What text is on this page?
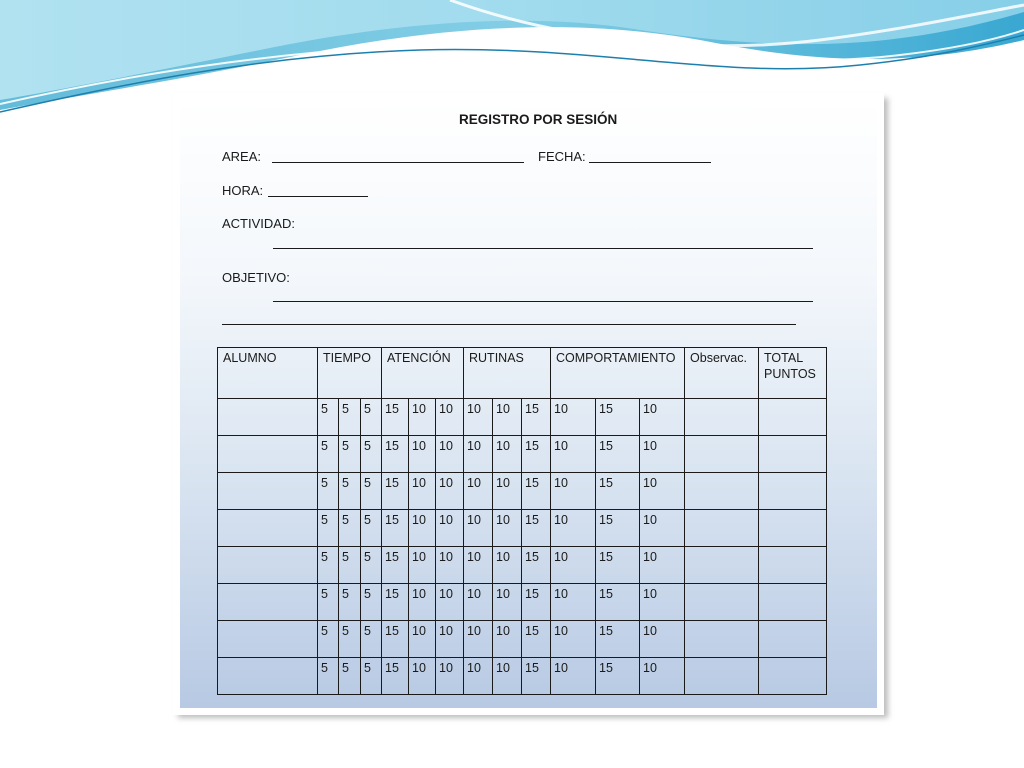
REGISTRO POR SESIÓN
AREA:	FECHA:
HORA:
ACTIVIDAD:
OBJETIVO:
ALUMNO	TIEMPO			ATENCIÓN			RUTINAS			COMPORTAMIENTO			Observac.	TOTAL PUNTOS
	5	5	5	15	10	10	10	10	15	10	15	10		
	5	5	5	15	10	10	10	10	15	10	15	10		
	5	5	5	15	10	10	10	10	15	10	15	10		
	5	5	5	15	10	10	10	10	15	10	15	10		
	5	5	5	15	10	10	10	10	15	10	15	10		
	5	5	5	15	10	10	10	10	15	10	15	10		
	5	5	5	15	10	10	10	10	15	10	15	10		
	5	5	5	15	10	10	10	10	15	10	15	10		
